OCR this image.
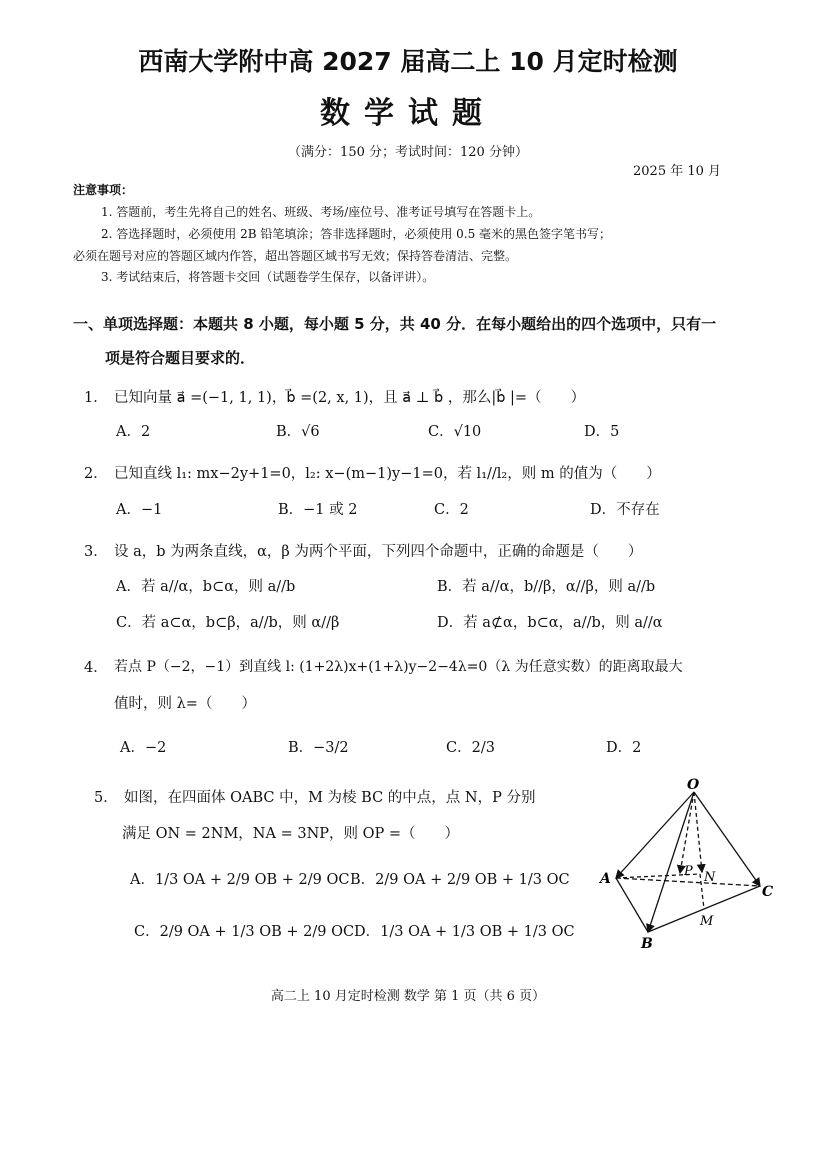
西南大学附中高 2027 届高二上 10 月定时检测
数学试题
（满分：150 分；考试时间：120 分钟）
2025 年 10 月
注意事项：
1. 答题前，考生先将自己的姓名、班级、考场/座位号、准考证号填写在答题卡上。
2. 答选择题时，必须使用 2B 铅笔填涂；答非选择题时，必须使用 0.5 毫米的黑色签字笔书写；
必须在题号对应的答题区域内作答，超出答题区域书写无效；保持答卷清洁、完整。
3. 考试结束后，将答题卡交回（试题卷学生保存，以备评讲）。
一、单项选择题：本题共 8 小题，每小题 5 分，共 40 分．在每小题给出的四个选项中，只有一
项是符合题目要求的．
1． 已知向量 a⃗ =(−1, 1, 1)，b⃗ =(2, x, 1)，且 a⃗ ⊥ b⃗ ，那么|b⃗ |=（　　）
A．2	B．√6	C．√10	D．5
2． 已知直线 l₁: mx−2y+1=0，l₂: x−(m−1)y−1=0，若 l₁//l₂，则 m 的值为（　　）
A．−1	B．−1 或 2	C．2	D．不存在
3． 设 a，b 为两条直线，α，β 为两个平面，下列四个命题中，正确的命题是（　　）
A．若 a//α，b⊂α，则 a//b	B．若 a//α，b//β，α//β，则 a//b
C．若 a⊂α，b⊂β，a//b，则 α//β	D．若 a⊄α，b⊂α，a//b，则 a//α
4． 若点 P（−2，−1）到直线 l: (1+2λ)x+(1+λ)y−2−4λ=0（λ 为任意实数）的距离取最大
值时，则 λ=（　　）
A．−2	B．−3/2	C．2/3	D．2
5． 如图，在四面体 OABC 中，M 为棱 BC 的中点，点 N，P 分别
满足 ON = 2NM，NA = 3NP，则 OP =（　　）
A．1/3 OA + 2/9 OB + 2/9 OC B．2/9 OA + 2/9 OB + 1/3 OC
C．2/9 OA + 1/3 OB + 2/9 OC D．1/3 OA + 1/3 OB + 1/3 OC
O
A
B
C
M
N
P
高二上 10 月定时检测 数学 第 1 页（共 6 页）
